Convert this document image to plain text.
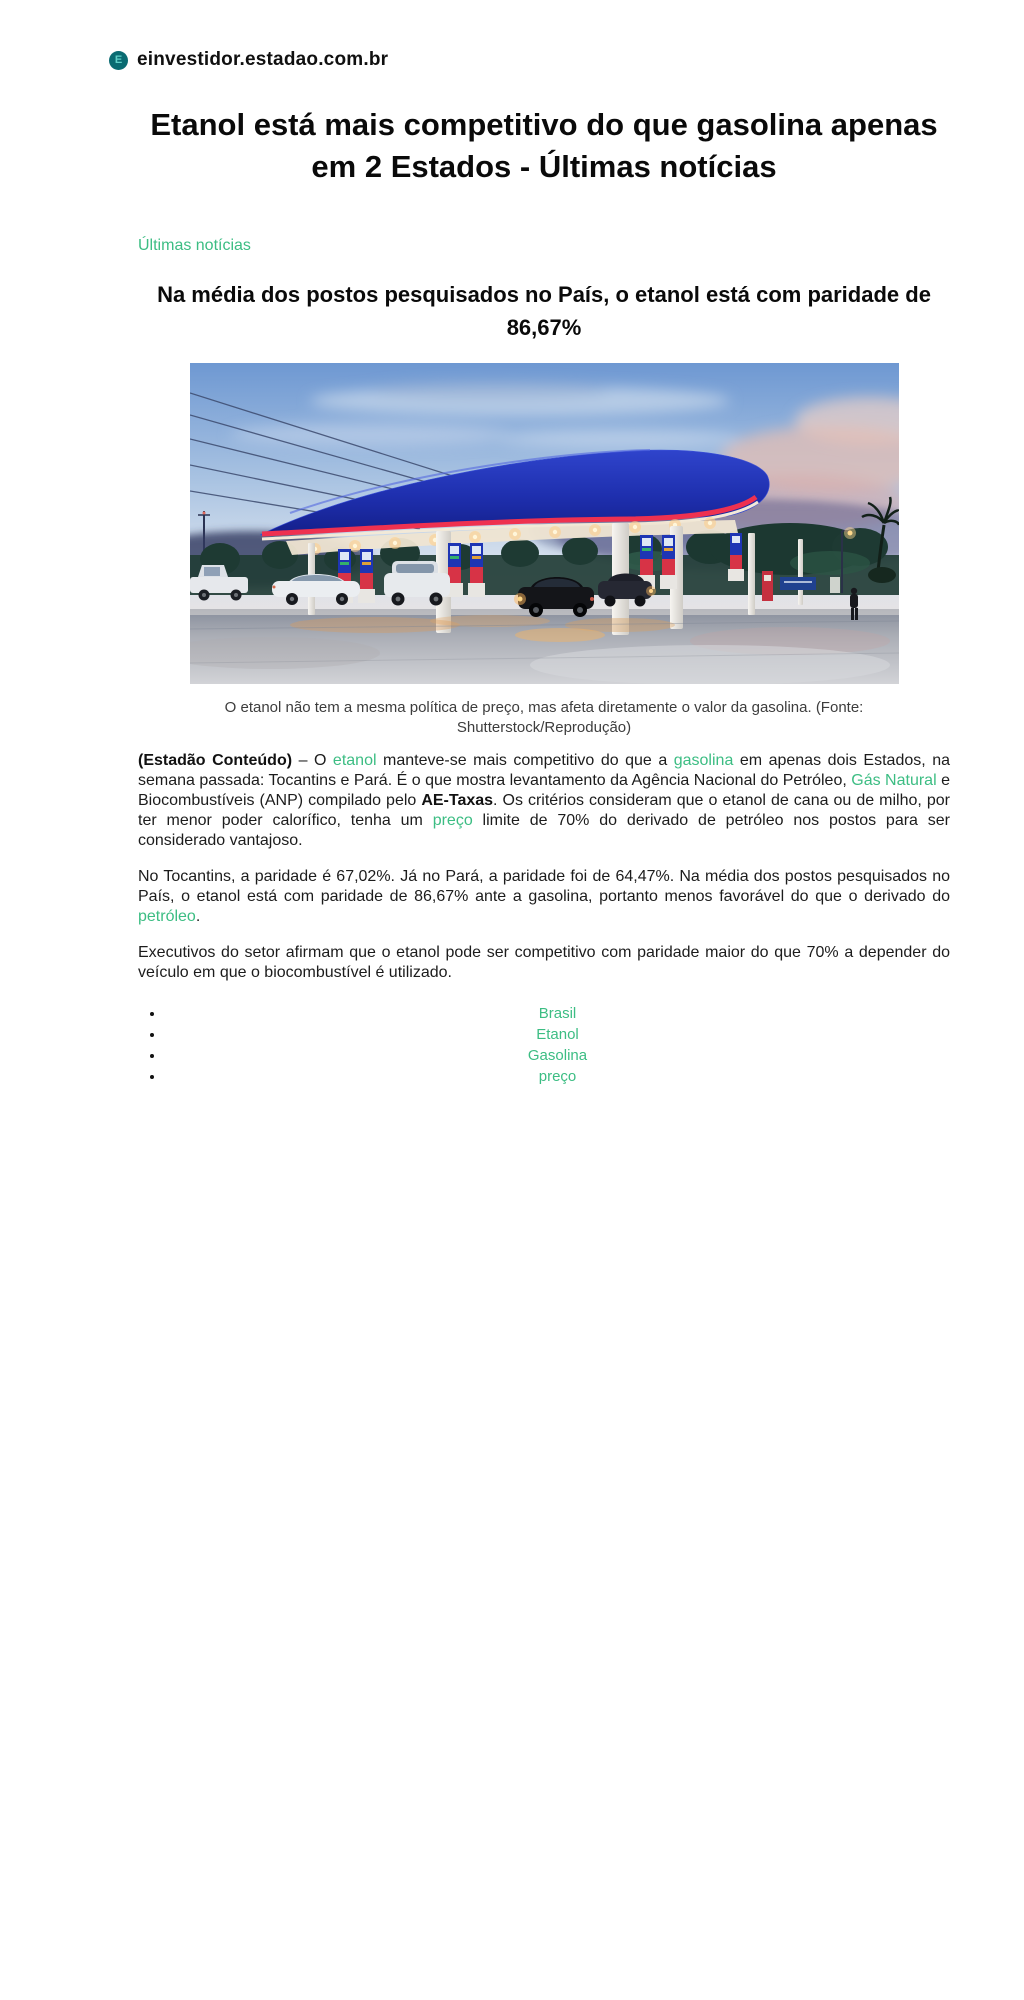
E einvestidor.estadao.com.br
Etanol está mais competitivo do que gasolina apenas em 2 Estados - Últimas notícias
Últimas notícias
Na média dos postos pesquisados no País, o etanol está com paridade de 86,67%
O etanol não tem a mesma política de preço, mas afeta diretamente o valor da gasolina. (Fonte: Shutterstock/Reprodução)

(Estadão Conteúdo) – O etanol manteve-se mais competitivo do que a gasolina em apenas dois Estados, na semana passada: Tocantins e Pará. É o que mostra levantamento da Agência Nacional do Petróleo, Gás Natural e Biocombustíveis (ANP) compilado pelo AE-Taxas. Os critérios consideram que o etanol de cana ou de milho, por ter menor poder calorífico, tenha um preço limite de 70% do derivado de petróleo nos postos para ser considerado vantajoso.

No Tocantins, a paridade é 67,02%. Já no Pará, a paridade foi de 64,47%. Na média dos postos pesquisados no País, o etanol está com paridade de 86,67% ante a gasolina, portanto menos favorável do que o derivado do petróleo.

Executivos do setor afirmam que o etanol pode ser competitivo com paridade maior do que 70% a depender do veículo em que o biocombustível é utilizado.

• Brasil
• Etanol
• Gasolina
• preço
